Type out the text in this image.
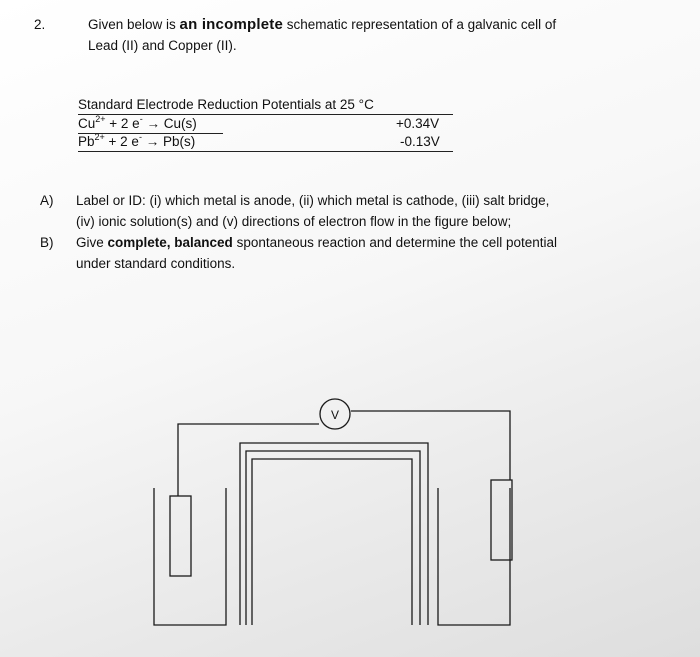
2.	Given below is an incomplete schematic representation of a galvanic cell of
Lead (II) and Copper (II).
Standard Electrode Reduction Potentials at 25 °C
$Cu^{2+} + 2$ e- → Cu(s)	+0.34V
$Pb^{2+} + 2$ e- → Pb(s)	-0.13V
A) Label or ID: (i) which metal is anode, (ii) which metal is cathode, (iii) salt bridge,
(iv) ionic solution(s) and (v) directions of electron flow in the figure below;
B) Give complete, balanced spontaneous reaction and determine the cell potential
under standard conditions.
V
